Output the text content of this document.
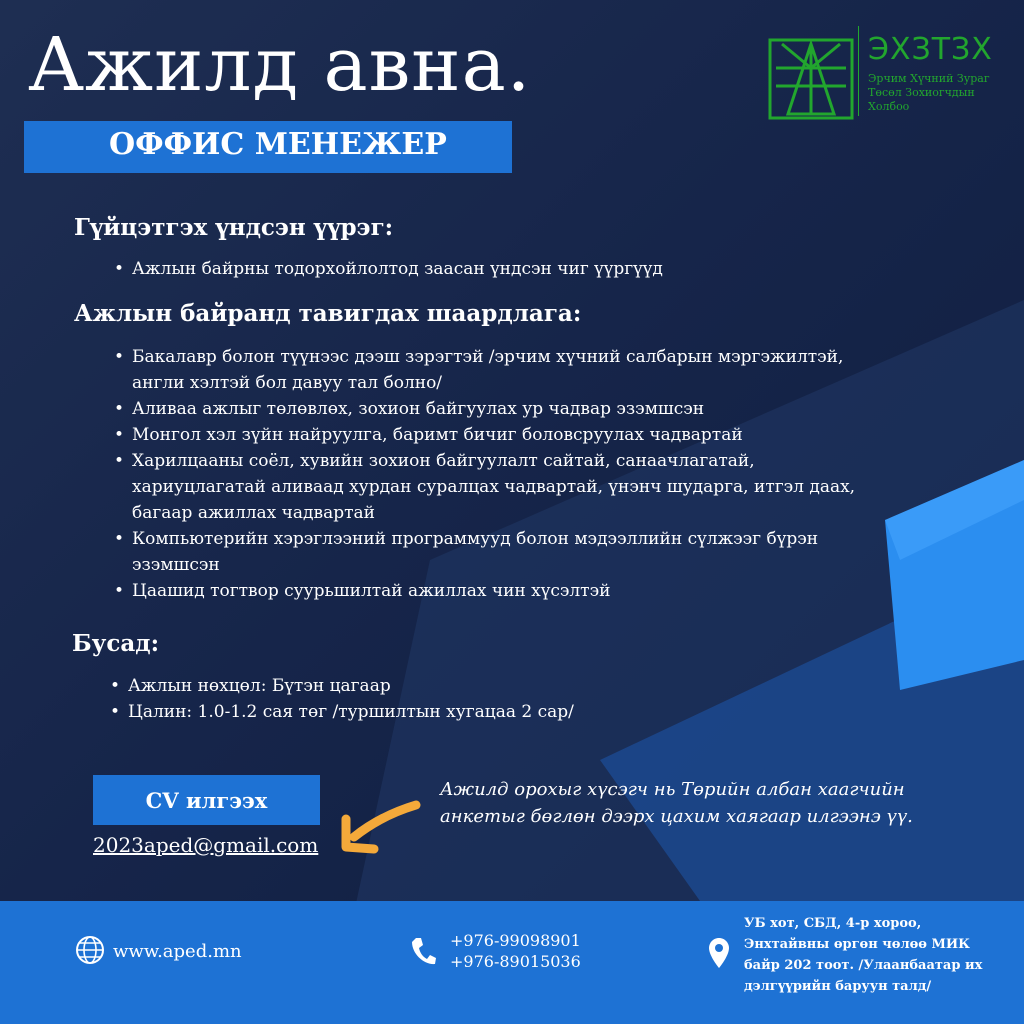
Ажилд авна.
ОФФИС МЕНЕЖЕР
ЭХЗТЗХ
Эрчим Хүчний Зураг Төсөл Зохиогчдын Холбоо
Гүйцэтгэх үндсэн үүрэг:
• Ажлын байрны тодорхойлолтод заасан үндсэн чиг үүргүүд
Ажлын байранд тавигдах шаардлага:
• Бакалавр болон түүнээс дээш зэрэгтэй /эрчим хүчний салбарын мэргэжилтэй, англи хэлтэй бол давуу тал болно/
• Аливаа ажлыг төлөвлөх, зохион байгуулах ур чадвар эзэмшсэн
• Монгол хэл зүйн найруулга, баримт бичиг боловсруулах чадвартай
• Харилцааны соёл, хувийн зохион байгуулалт сайтай, санаачлагатай, хариуцлагатай аливаад хурдан суралцах чадвартай, үнэнч шударга, итгэл даах, багаар ажиллах чадвартай
• Компьютерийн хэрэглээний программууд болон мэдээллийн сүлжээг бүрэн эзэмшсэн
• Цаашид тогтвор суурьшилтай ажиллах чин хүсэлтэй
Бусад:
• Ажлын нөхцөл: Бүтэн цагаар
• Цалин: 1.0-1.2 сая төг /туршилтын хугацаа 2 сар/
CV илгээх
2023aped@gmail.com
Ажилд орохыг хүсэгч нь Төрийн албан хаагчийн анкетыг бөглөн дээрх цахим хаягаар илгээнэ үү.
www.aped.mn
+976-99098901
+976-89015036
УБ хот, СБД, 4-р хороо, Энхтайвны өргөн чөлөө МИК байр 202 тоот. /Улаанбаатар их дэлгүүрийн баруун талд/
